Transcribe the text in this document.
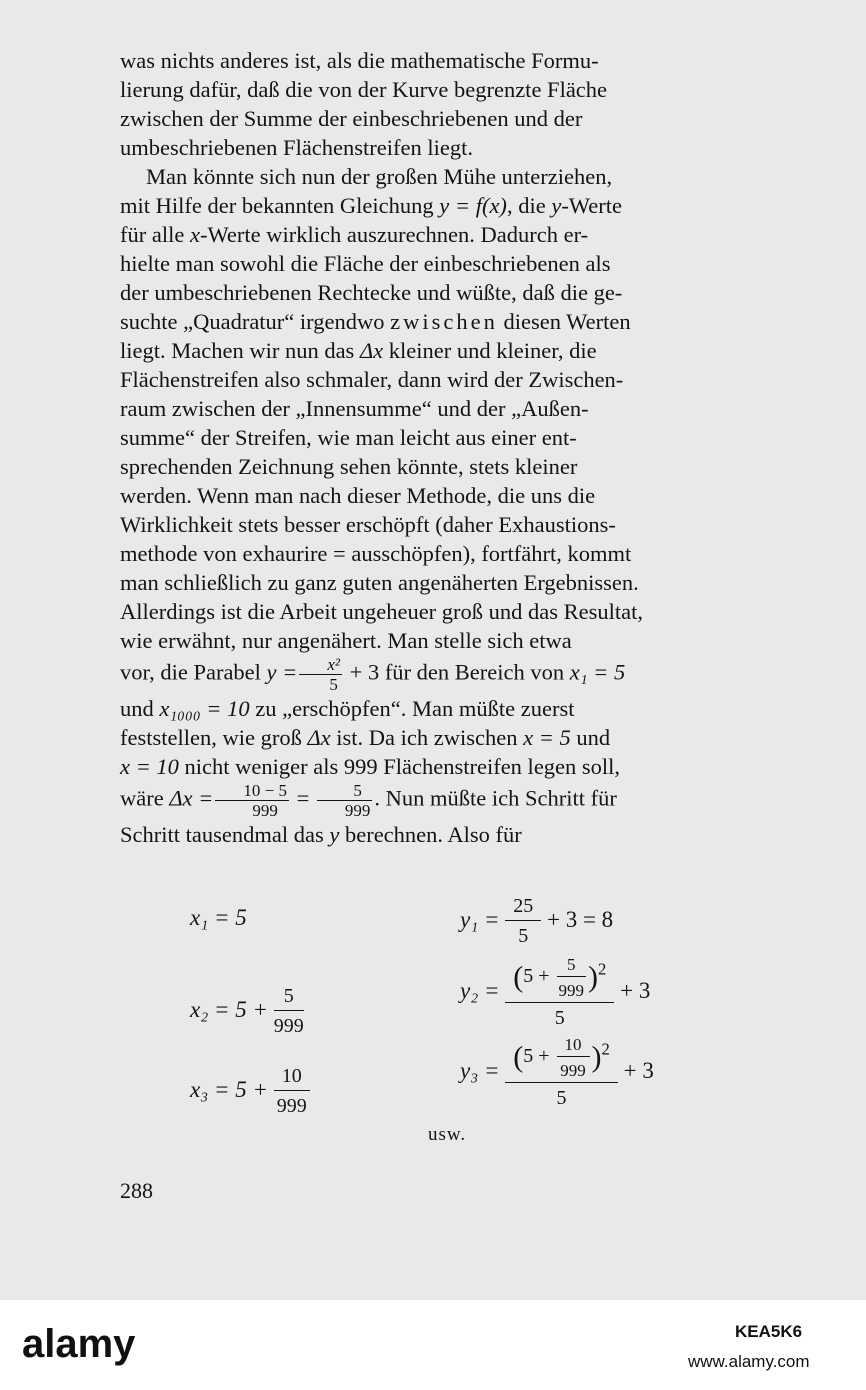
was nichts anderes ist, als die mathematische Formu-
lierung dafür, daß die von der Kurve begrenzte Fläche
zwischen der Summe der einbeschriebenen und der
umbeschriebenen Flächenstreifen liegt.

Man könnte sich nun der großen Mühe unterziehen,
mit Hilfe der bekannten Gleichung y = f(x), die y-Werte
für alle x-Werte wirklich auszurechnen. Dadurch er-
hielte man sowohl die Fläche der einbeschriebenen als
der umbeschriebenen Rechtecke und wüßte, daß die ge-
suchte „Quadratur“ irgendwo zwischen diesen Werten
liegt. Machen wir nun das Δx kleiner und kleiner, die
Flächenstreifen also schmaler, dann wird der Zwischen-
raum zwischen der „Innensumme“ und der „Außen-
summe“ der Streifen, wie man leicht aus einer ent-
sprechenden Zeichnung sehen könnte, stets kleiner
werden. Wenn man nach dieser Methode, die uns die
Wirklichkeit stets besser erschöpft (daher Exhaustions-
methode von exhaurire = ausschöpfen), fortfährt, kommt
man schließlich zu ganz guten angenäherten Ergebnissen.
Allerdings ist die Arbeit ungeheuer groß und das Resultat,
wie erwähnt, nur angenähert. Man stelle sich etwa
vor, die Parabel $y = \frac{\text{x²}}{5} + 3$ für den Bereich von x₁ = 5
und x₁₀₀₀ = 10 zu „erschöpfen“. Man müßte zuerst
feststellen, wie groß Δx ist. Da ich zwischen x = 5 und
x = 10 nicht weniger als 999 Flächenstreifen legen soll,
wäre $\Delta x = \frac{10 - 5}{999} = \frac{5}{999}$ . Nun müßte ich Schritt für
Schritt tausendmal das y berechnen. Also für

x₁ = 5	$y_1 = \frac{25}{5} + 3 = 8$
$x_2 = 5 + \frac{5}{999}$	$y_2 = \frac{(5 + \frac{5}{999} )^2}{5} + 3$
$x_3 = 5 + \frac{10}{999}$	$y_3 = \frac{(5 + \frac{10}{999} )^2}{5} + 3$
usw.
288
alamy	KEA5K6
www.alamy.com
